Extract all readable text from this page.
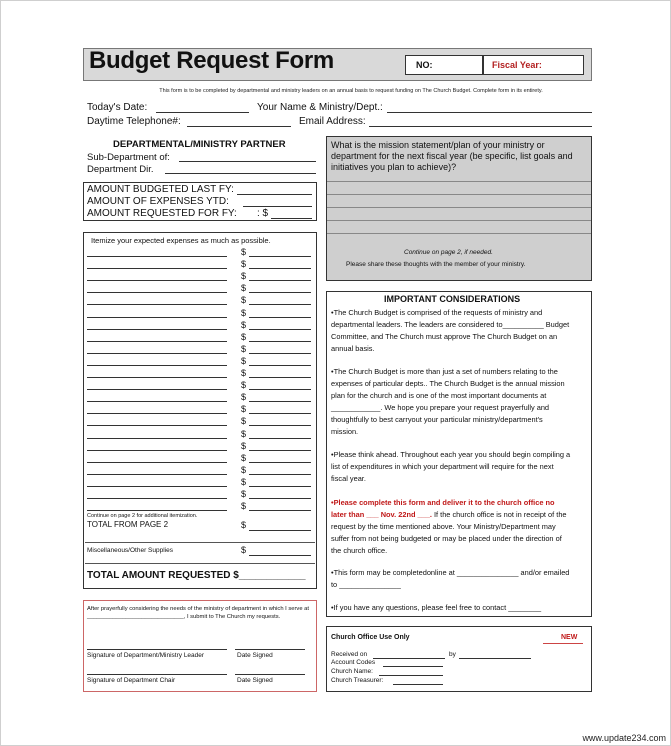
Budget Request Form	NO:	Fiscal Year:
This form is to be completed by departmental and ministry leaders on an annual basis to request funding on The Church Budget. Complete form in its entirety.
Today's Date:	Your Name & Ministry/Dept.:
Daytime Telephone#:	Email Address:
DEPARTMENTAL/MINISTRY PARTNER
Sub-Department of:
Department Dir.
AMOUNT BUDGETED LAST FY:
AMOUNT OF EXPENSES YTD:
AMOUNT REQUESTED FOR FY: : $
Itemize your expected expenses as much as possible.
$
$
$
$
$
$
$
$
$
$
$
$
$
$
$
$
$
$
$
$
$
$
Continue on page 2 for additional itemization.
TOTAL FROM PAGE 2	$
Miscellaneous/Other Supplies	$
TOTAL AMOUNT REQUESTED $____________
After prayerfully considering the needs of the ministry of department in which I serve at ______________________________, I submit to The Church my requests.
Signature of Department/Ministry Leader	Date Signed
Signature of Department Chair	Date Signed
What is the mission statement/plan of your ministry or department for the next fiscal year (be specific, list goals and initiatives you plan to achieve)?
Continue on page 2, if needed.
Please share these thoughts with the member of your ministry.
IMPORTANT CONSIDERATIONS
•The Church Budget is comprised of the requests of ministry and departmental leaders. The leaders are considered to__________ Budget Committee, and The Church must approve The Church Budget on an annual basis.
•The Church Budget is more than just a set of numbers relating to the expenses of particular depts.. The Church Budget is the annual mission plan for the church and is one of the most important documents at ____________. We hope you prepare your request prayerfully and thoughtfully to best carryout your particular ministry/department's mission.
•Please think ahead. Throughout each year you should begin compiling a list of expenditures in which your department will require for the next fiscal year.
•Please complete this form and deliver it to the church office no later than ___ Nov. 22nd ___. If the church office is not in receipt of the request by the time mentioned above. Your Ministry/Department may suffer from not being budgeted or may be placed under the direction of the church office.
•This form may be completedonline at _______________ and/or emailed to _______________
•If you have any questions, please feel free to contact ________
Church Office Use Only	NEW
Received on	by
Account Codes
Church Name:
Church Treasurer:
www.update234.com
